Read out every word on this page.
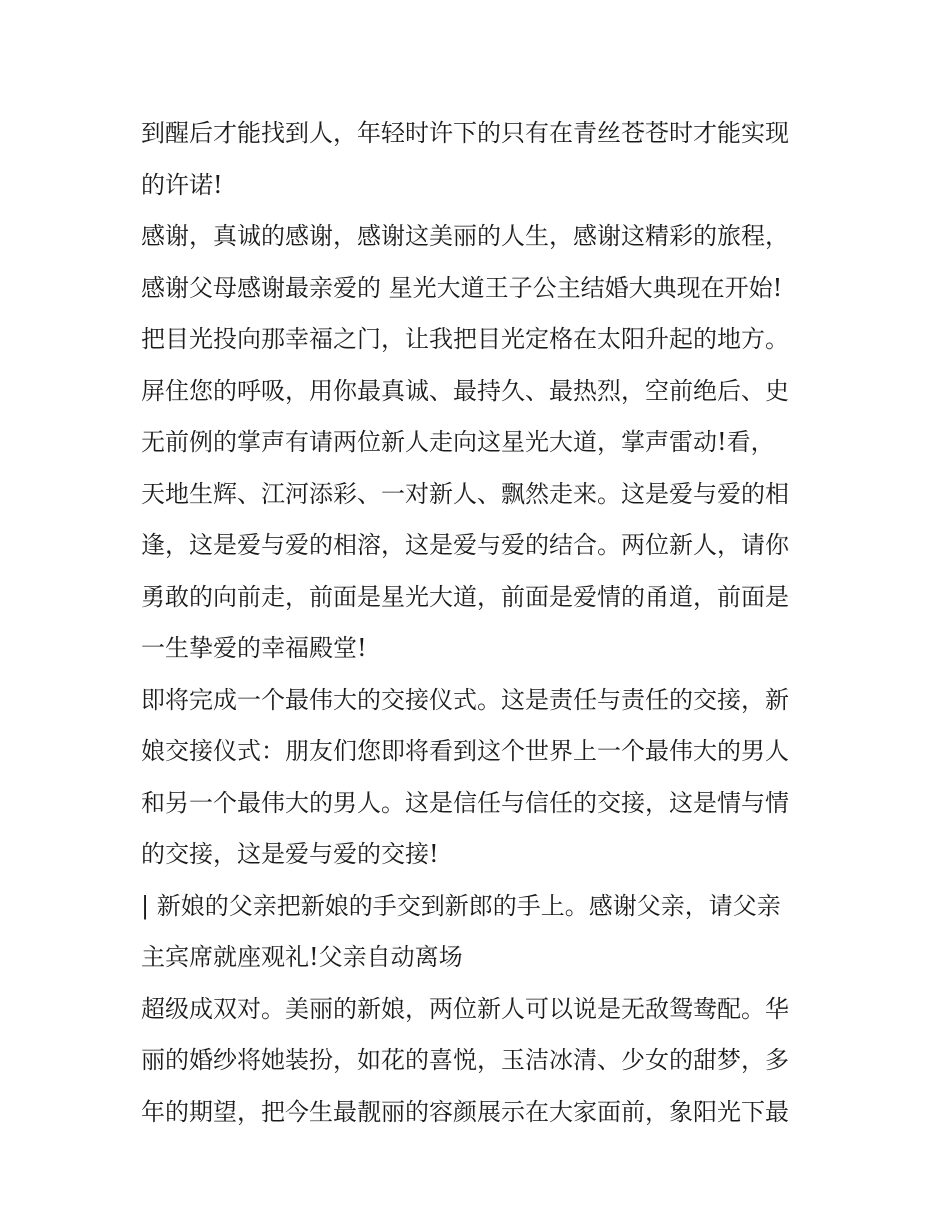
到醒后才能找到人，年轻时许下的只有在青丝苍苍时才能实现
的许诺!
感谢，真诚的感谢，感谢这美丽的人生，感谢这精彩的旅程，
感谢父母感谢最亲爱的 星光大道王子公主结婚大典现在开始!
把目光投向那幸福之门，让我把目光定格在太阳升起的地方。
屏住您的呼吸，用你最真诚、最持久、最热烈，空前绝后、史
无前例的掌声有请两位新人走向这星光大道，掌声雷动!看，
天地生辉、江河添彩、一对新人、飘然走来。这是爱与爱的相
逢，这是爱与爱的相溶，这是爱与爱的结合。两位新人，请你
勇敢的向前走，前面是星光大道，前面是爱情的甬道，前面是
一生挚爱的幸福殿堂!
即将完成一个最伟大的交接仪式。这是责任与责任的交接，新
娘交接仪式：朋友们您即将看到这个世界上一个最伟大的男人
和另一个最伟大的男人。这是信任与信任的交接，这是情与情
的交接，这是爱与爱的交接!
| 新娘的父亲把新娘的手交到新郎的手上。感谢父亲，请父亲
主宾席就座观礼!父亲自动离场
超级成双对。美丽的新娘，两位新人可以说是无敌鸳鸯配。华
丽的婚纱将她装扮，如花的喜悦，玉洁冰清、少女的甜梦，多
年的期望，把今生最靓丽的容颜展示在大家面前，象阳光下最
